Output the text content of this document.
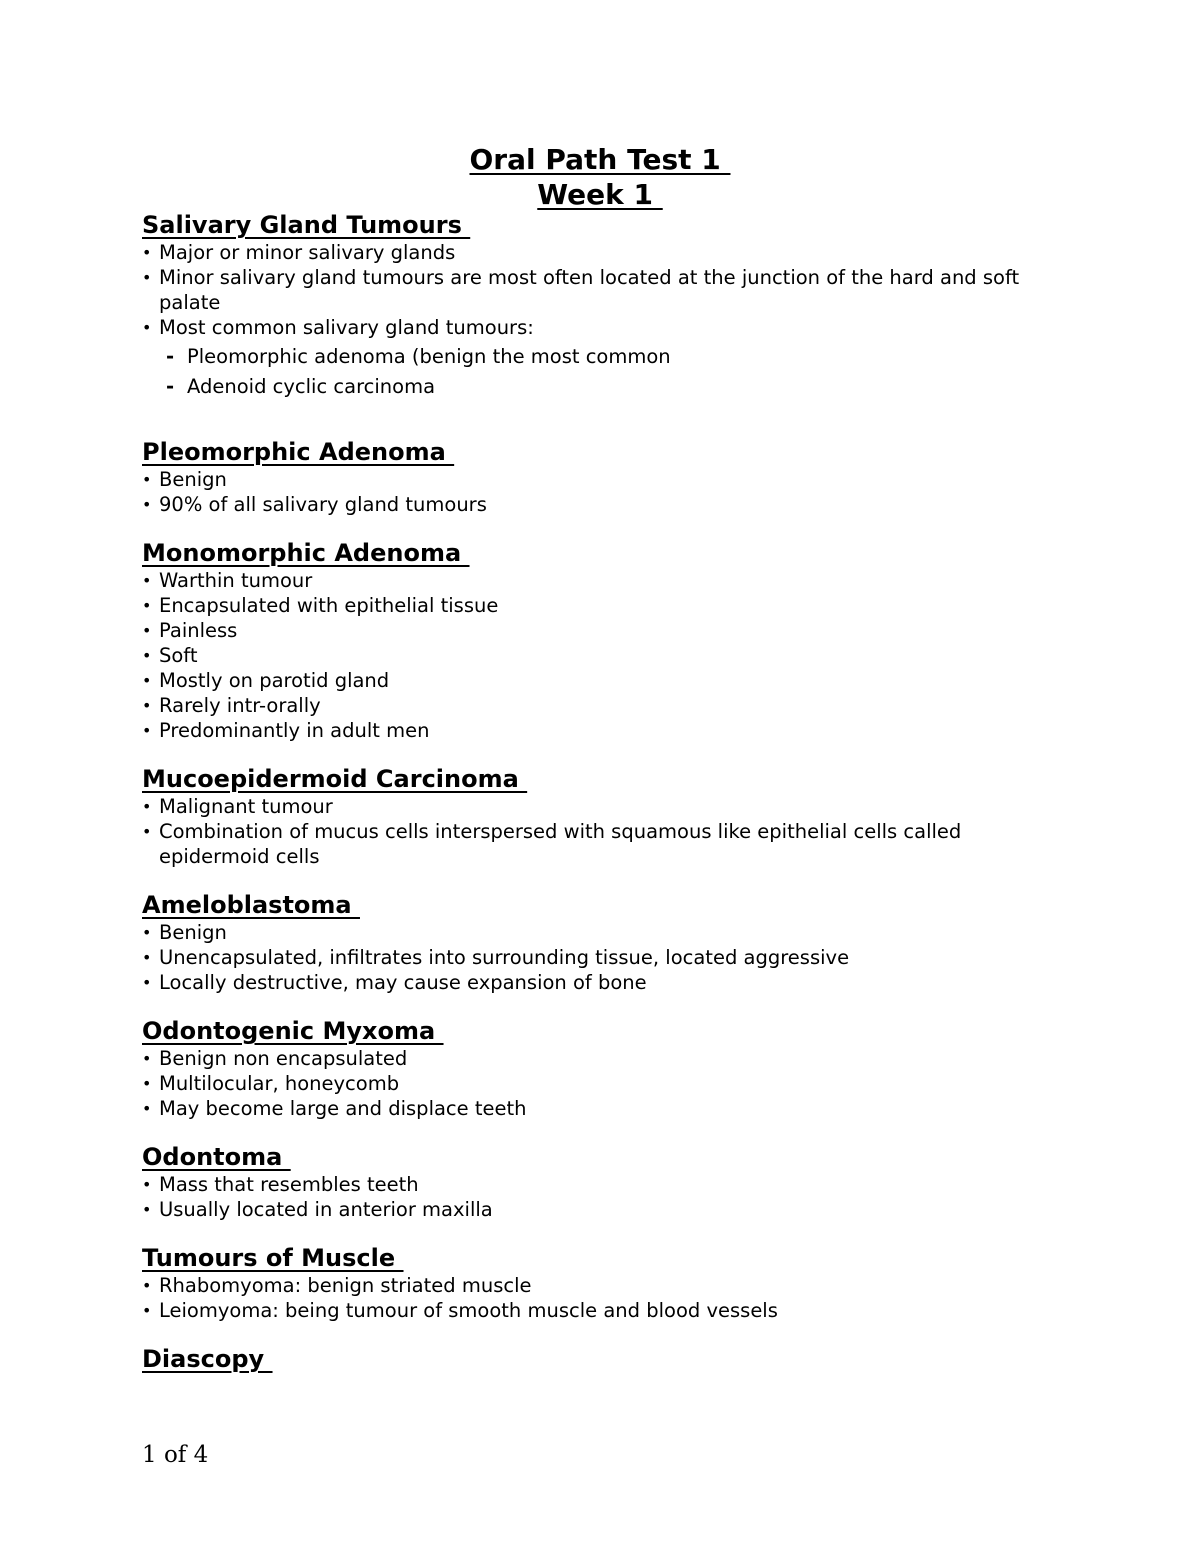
Oral Path Test 1
Week 1
Salivary Gland Tumours
• Major or minor salivary glands
• Minor salivary gland tumours are most often located at the junction of the hard and soft palate
• Most common salivary gland tumours:
- Pleomorphic adenoma (benign the most common
- Adenoid cyclic carcinoma
Pleomorphic Adenoma
• Benign
• 90% of all salivary gland tumours
Monomorphic Adenoma
• Warthin tumour
• Encapsulated with epithelial tissue
• Painless
• Soft
• Mostly on parotid gland
• Rarely intr-orally
• Predominantly in adult men
Mucoepidermoid Carcinoma
• Malignant tumour
• Combination of mucus cells interspersed with squamous like epithelial cells called epidermoid cells
Ameloblastoma
• Benign
• Unencapsulated, infiltrates into surrounding tissue, located aggressive
• Locally destructive, may cause expansion of bone
Odontogenic Myxoma
• Benign non encapsulated
• Multilocular, honeycomb
• May become large and displace teeth
Odontoma
• Mass that resembles teeth
• Usually located in anterior maxilla
Tumours of Muscle
• Rhabomyoma: benign striated muscle
• Leiomyoma: being tumour of smooth muscle and blood vessels
Diascopy
1 of 4
